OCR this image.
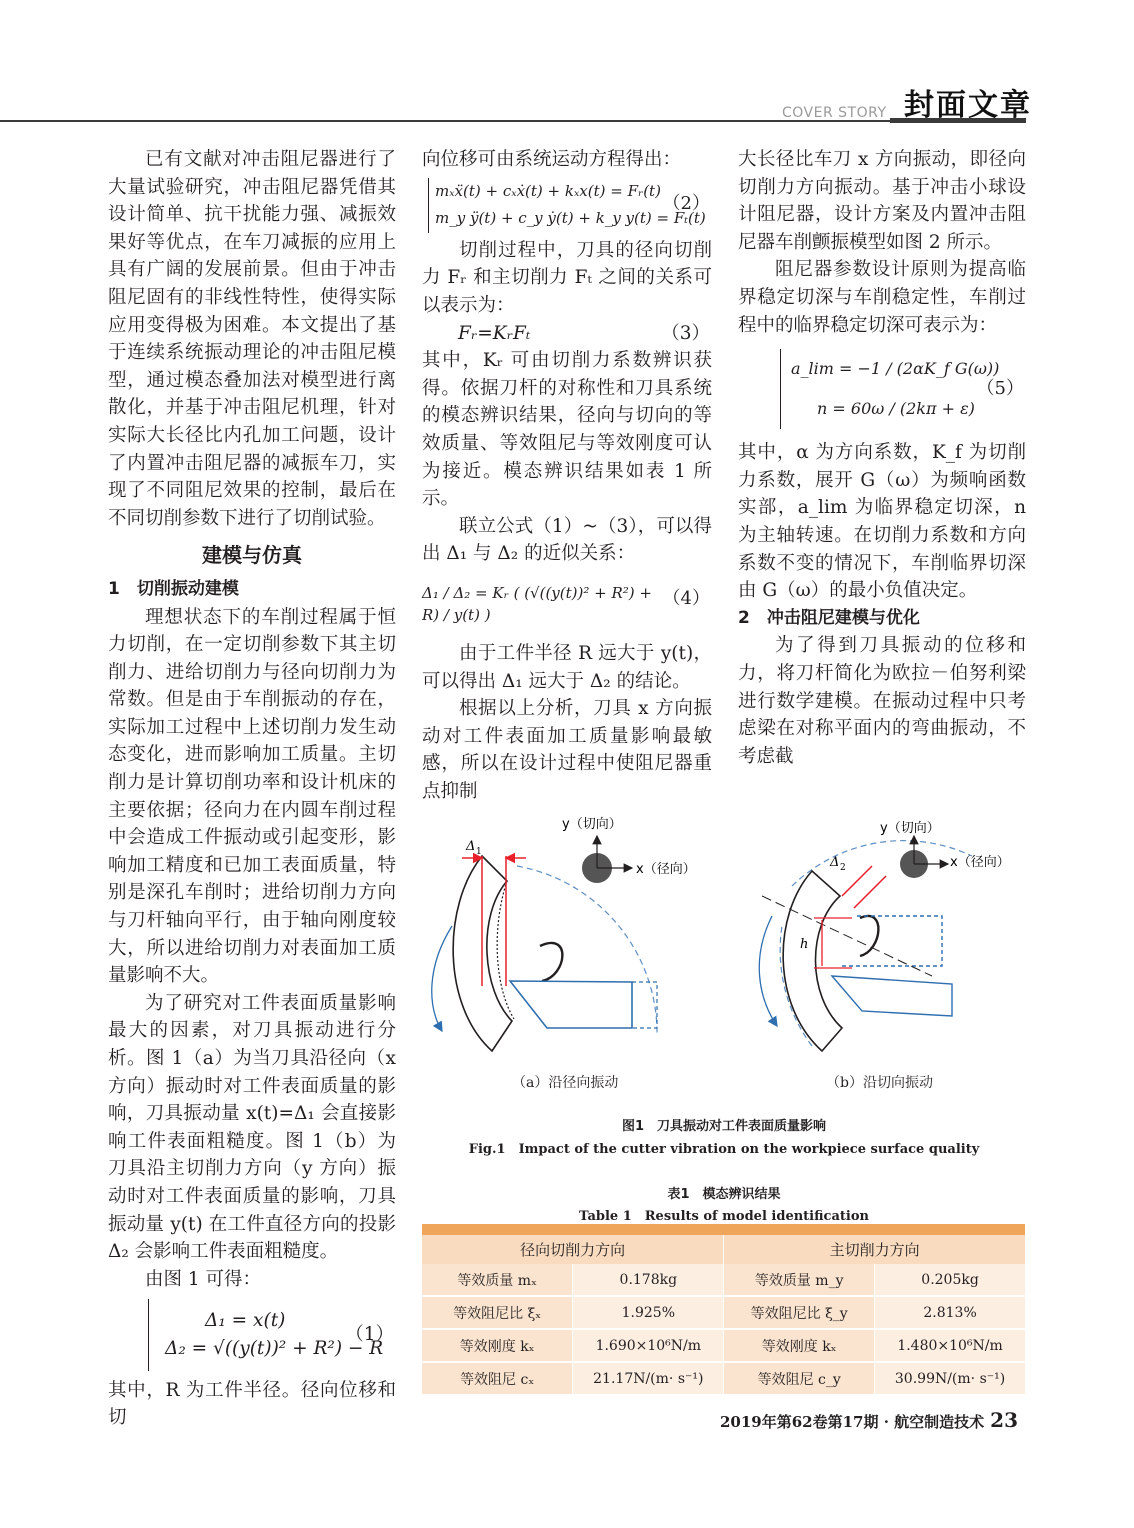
COVER STORY 封面文章

已有文献对冲击阻尼器进行了大量试验研究，冲击阻尼器凭借其设计简单、抗干扰能力强、减振效果好等优点，在车刀减振的应用上具有广阔的发展前景。但由于冲击阻尼固有的非线性特性，使得实际应用变得极为困难。本文提出了基于连续系统振动理论的冲击阻尼模型，通过模态叠加法对模型进行离散化，并基于冲击阻尼机理，针对实际大长径比内孔加工问题，设计了内置冲击阻尼器的减振车刀，实现了不同阻尼效果的控制，最后在不同切削参数下进行了切削试验。

建模与仿真

1　切削振动建模

理想状态下的车削过程属于恒力切削，在一定切削参数下其主切削力、进给切削力与径向切削力为常数。但是由于车削振动的存在，实际加工过程中上述切削力发生动态变化，进而影响加工质量。主切削力是计算切削功率和设计机床的主要依据；径向力在内圆车削过程中会造成工件振动或引起变形，影响加工精度和已加工表面质量，特别是深孔车削时；进给切削力方向与刀杆轴向平行，由于轴向刚度较大，所以进给切削力对表面加工质量影响不大。

为了研究对工件表面质量影响最大的因素，对刀具振动进行分析。图 1（a）为当刀具沿径向（x 方向）振动时对工件表面质量的影响，刀具振动量 x(t)=Δ₁ 会直接影响工件表面粗糙度。图 1（b）为刀具沿主切削力方向（y 方向）振动时对工件表面质量的影响，刀具振动量 y(t) 在工件直径方向的投影 Δ₂ 会影响工件表面粗糙度。

由图 1 可得：

Δ₁ = x(t)
Δ₂ = √((y(t))² + R²) − R
（1）

其中，R 为工件半径。径向位移和切

向位移可由系统运动方程得出：

mₓẍ(t) + cₓẋ(t) + kₓx(t) = Fᵣ(t)
m_y ÿ(t) + c_y ẏ(t) + k_y y(t) = Fₜ(t)
（2）

切削过程中，刀具的径向切削力 Fᵣ 和主切削力 Fₜ 之间的关系可以表示为：

Fᵣ=KᵣFₜ	（3）

其中，Kᵣ 可由切削力系数辨识获得。依据刀杆的对称性和刀具系统的模态辨识结果，径向与切向的等效质量、等效阻尼与等效刚度可认为接近。模态辨识结果如表 1 所示。

联立公式（1）~（3），可以得出 Δ₁ 与 Δ₂ 的近似关系：

Δ₁ / Δ₂ = Kᵣ ( (√((y(t))² + R²) + R) / y(t) )
（4）

由于工件半径 R 远大于 y(t)，可以得出 Δ₁ 远大于 Δ₂ 的结论。

根据以上分析，刀具 x 方向振动对工件表面加工质量影响最敏感，所以在设计过程中使阻尼器重点抑制

大长径比车刀 x 方向振动，即径向切削力方向振动。基于冲击小球设计阻尼器，设计方案及内置冲击阻尼器车削颤振模型如图 2 所示。

阻尼器参数设计原则为提高临界稳定切深与车削稳定性，车削过程中的临界稳定切深可表示为：

a_lim = −1 / (2αK_f G(ω))
n = 60ω / (2kπ + ε)
（5）

其中，α 为方向系数，K_f 为切削力系数，展开 G（ω）为频响函数实部，a_lim 为临界稳定切深，n 为主轴转速。在切削力系数和方向系数不变的情况下，车削临界切深由 G（ω）的最小负值决定。

2　冲击阻尼建模与优化

为了得到刀具振动的位移和力，将刀杆简化为欧拉－伯努利梁进行数学建模。在振动过程中只考虑梁在对称平面内的弯曲振动，不考虑截

Δ 1
y（切向）
x（径向）	Δ 2
h
y（切向）
x（径向）
（a）沿径向振动	（b）沿切向振动
图1　刀具振动对工件表面质量影响
Fig.1　Impact of the cutter vibration on the workpiece surface quality
表1　模态辨识结果
Table 1　Results of model identification

径向切削力方向		主切削力方向	
等效质量 mₓ	0.178kg	等效质量 m_y	0.205kg
等效阻尼比 ξₓ	1.925%	等效阻尼比 ξ_y	2.813%
等效刚度 kₓ	1.690×10⁶N/m	等效刚度 kₓ	1.480×10⁶N/m
等效阻尼 cₓ	21.17N/(m· s⁻¹)	等效阻尼 c_y	30.99N/(m· s⁻¹)
2019年第62卷第17期 · 航空制造技术 23
